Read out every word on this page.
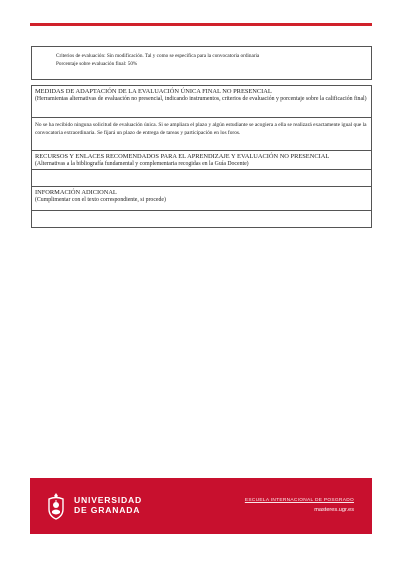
Criterios de evaluación: Sin modificación. Tal y como se especifica para la convocatoria ordinaria
Porcentaje sobre evaluación final: 50%
MEDIDAS DE ADAPTACIÓN DE LA EVALUACIÓN ÚNICA FINAL NO PRESENCIAL
(Herramientas alternativas de evaluación no presencial, indicando instrumentos, criterios de evaluación y porcentaje sobre la calificación final)
No se ha recibido ninguna solicitud de evaluación única. Si se ampliara el plazo y algún estudiante se acogiera a ella se realizará exactamente igual que la convocatoria extraordinaria. Se fijará un plazo de entrega de tareas y participación en los foros.
RECURSOS Y ENLACES RECOMENDADOS PARA EL APRENDIZAJE Y EVALUACIÓN NO PRESENCIAL
(Alternativas a la bibliografía fundamental y complementaria recogidas en la Guía Docente)
INFORMACIÓN ADICIONAL
(Cumplimentar con el texto correspondiente, si procede)
UNIVERSIDAD
DE GRANADA
ESCUELA INTERNACIONAL DE POSGRADO
masteres.ugr.es
